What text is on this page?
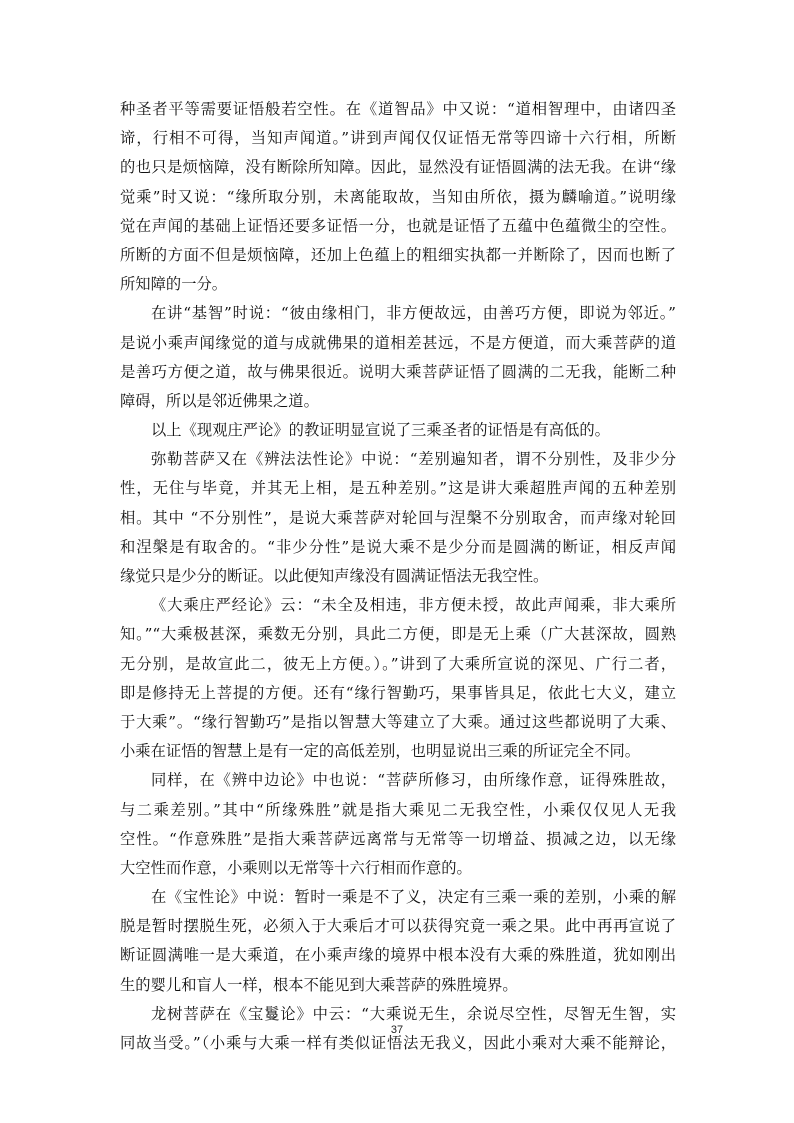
种圣者平等需要证悟般若空性。在《道智品》中又说：“道相智理中，由诸四圣
谛，行相不可得，当知声闻道。”讲到声闻仅仅证悟无常等四谛十六行相，所断
的也只是烦恼障，没有断除所知障。因此，显然没有证悟圆满的法无我。在讲“缘
觉乘”时又说：“缘所取分别，未离能取故，当知由所依，摄为麟喻道。”说明缘
觉在声闻的基础上证悟还要多证悟一分，也就是证悟了五蕴中色蕴微尘的空性。
所断的方面不但是烦恼障，还加上色蕴上的粗细实执都一并断除了，因而也断了
所知障的一分。
在讲“基智”时说：“彼由缘相门，非方便故远，由善巧方便，即说为邻近。”
是说小乘声闻缘觉的道与成就佛果的道相差甚远，不是方便道，而大乘菩萨的道
是善巧方便之道，故与佛果很近。说明大乘菩萨证悟了圆满的二无我，能断二种
障碍，所以是邻近佛果之道。
以上《现观庄严论》的教证明显宣说了三乘圣者的证悟是有高低的。
弥勒菩萨又在《辨法法性论》中说：“差别遍知者，谓不分别性，及非少分
性，无住与毕竟，并其无上相，是五种差别。”这是讲大乘超胜声闻的五种差别
相。其中 “不分别性”，是说大乘菩萨对轮回与涅槃不分别取舍，而声缘对轮回
和涅槃是有取舍的。“非少分性”是说大乘不是少分而是圆满的断证，相反声闻
缘觉只是少分的断证。以此便知声缘没有圆满证悟法无我空性。
《大乘庄严经论》云：“未全及相违，非方便未授，故此声闻乘，非大乘所
知。”“大乘极甚深，乘数无分别，具此二方便，即是无上乘（广大甚深故，圆熟
无分别，是故宣此二，彼无上方便。）。”讲到了大乘所宣说的深见、广行二者，
即是修持无上菩提的方便。还有“缘行智勤巧，果事皆具足，依此七大义，建立
于大乘”。“缘行智勤巧”是指以智慧大等建立了大乘。通过这些都说明了大乘、
小乘在证悟的智慧上是有一定的高低差别，也明显说出三乘的所证完全不同。
同样，在《辨中边论》中也说：“菩萨所修习，由所缘作意，证得殊胜故，
与二乘差别。”其中“所缘殊胜”就是指大乘见二无我空性，小乘仅仅见人无我
空性。“作意殊胜”是指大乘菩萨远离常与无常等一切增益、损减之边，以无缘
大空性而作意，小乘则以无常等十六行相而作意的。
在《宝性论》中说：暂时一乘是不了义，决定有三乘一乘的差别，小乘的解
脱是暂时摆脱生死，必须入于大乘后才可以获得究竟一乘之果。此中再再宣说了
断证圆满唯一是大乘道，在小乘声缘的境界中根本没有大乘的殊胜道，犹如刚出
生的婴儿和盲人一样，根本不能见到大乘菩萨的殊胜境界。
龙树菩萨在《宝鬘论》中云：“大乘说无生，余说尽空性，尽智无生智，实
同故当受。”（小乘与大乘一样有类似证悟法无我义，因此小乘对大乘不能辩论，
37
